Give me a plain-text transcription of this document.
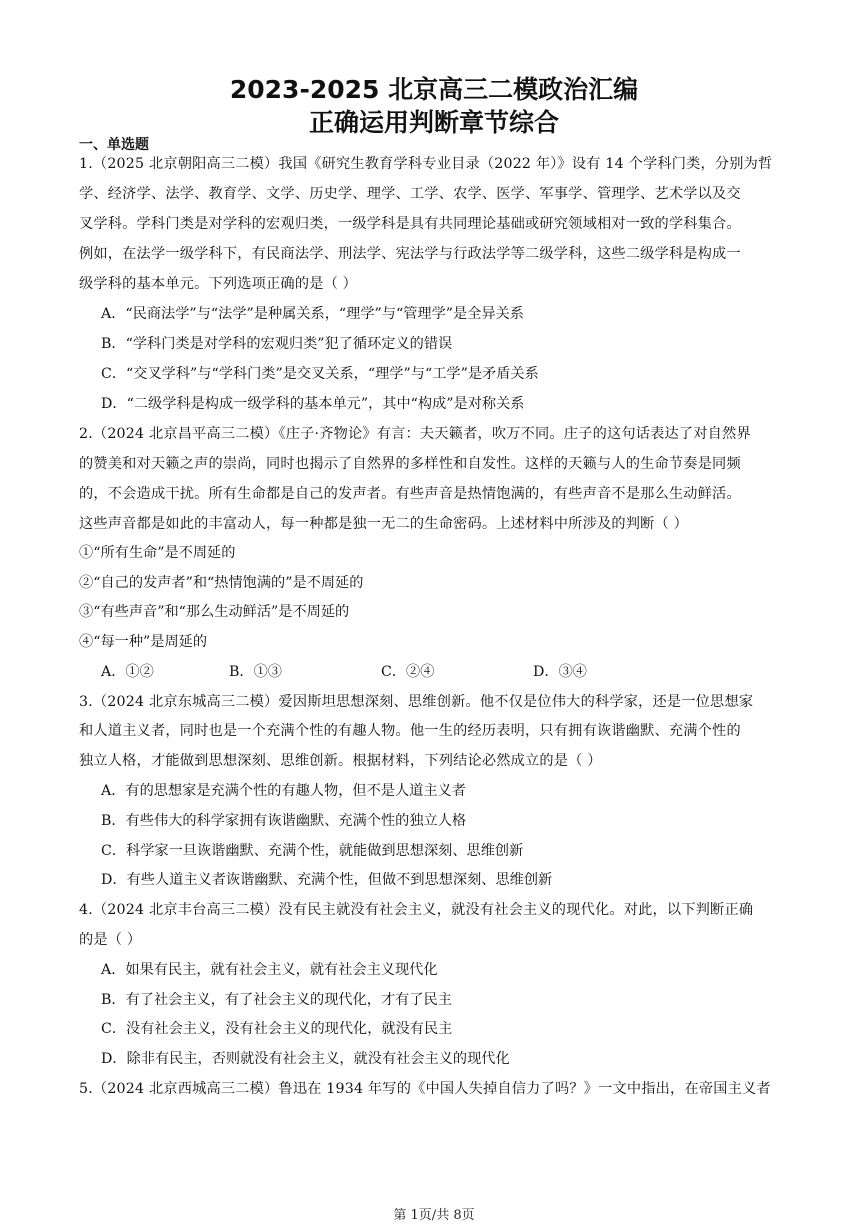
2023-2025 北京高三二模政治汇编
正确运用判断章节综合
一、单选题
1.（2025 北京朝阳高三二模）我国《研究生教育学科专业目录（2022 年）》设有 14 个学科门类，分别为哲
学、经济学、法学、教育学、文学、历史学、理学、工学、农学、医学、军事学、管理学、艺术学以及交
叉学科。学科门类是对学科的宏观归类，一级学科是具有共同理论基础或研究领域相对一致的学科集合。
例如，在法学一级学科下，有民商法学、刑法学、宪法学与行政法学等二级学科，这些二级学科是构成一
级学科的基本单元。下列选项正确的是（ ）
A．“民商法学”与“法学”是种属关系，“理学”与“管理学”是全异关系
B．“学科门类是对学科的宏观归类”犯了循环定义的错误
C．“交叉学科”与“学科门类”是交叉关系，“理学”与“工学”是矛盾关系
D．“二级学科是构成一级学科的基本单元”，其中“构成”是对称关系
2.（2024 北京昌平高三二模）《庄子·齐物论》有言：夫天籁者，吹万不同。庄子的这句话表达了对自然界
的赞美和对天籁之声的崇尚，同时也揭示了自然界的多样性和自发性。这样的天籁与人的生命节奏是同频
的，不会造成干扰。所有生命都是自己的发声者。有些声音是热情饱满的，有些声音不是那么生动鲜活。
这些声音都是如此的丰富动人，每一种都是独一无二的生命密码。上述材料中所涉及的判断（ ）
①“所有生命”是不周延的
②“自己的发声者”和“热情饱满的”是不周延的
③“有些声音”和“那么生动鲜活”是不周延的
④“每一种”是周延的
A．①②	B．①③	C．②④	D．③④
3.（2024 北京东城高三二模）爱因斯坦思想深刻、思维创新。他不仅是位伟大的科学家，还是一位思想家
和人道主义者，同时也是一个充满个性的有趣人物。他一生的经历表明，只有拥有诙谐幽默、充满个性的
独立人格，才能做到思想深刻、思维创新。根据材料，下列结论必然成立的是（ ）
A．有的思想家是充满个性的有趣人物，但不是人道主义者
B．有些伟大的科学家拥有诙谐幽默、充满个性的独立人格
C．科学家一旦诙谐幽默、充满个性，就能做到思想深刻、思维创新
D．有些人道主义者诙谐幽默、充满个性，但做不到思想深刻、思维创新
4.（2024 北京丰台高三二模）没有民主就没有社会主义，就没有社会主义的现代化。对此，以下判断正确
的是（ ）
A．如果有民主，就有社会主义，就有社会主义现代化
B．有了社会主义，有了社会主义的现代化，才有了民主
C．没有社会主义，没有社会主义的现代化，就没有民主
D．除非有民主，否则就没有社会主义，就没有社会主义的现代化
5.（2024 北京西城高三二模）鲁迅在 1934 年写的《中国人失掉自信力了吗？》一文中指出，在帝国主义者
第 1页/共 8页
